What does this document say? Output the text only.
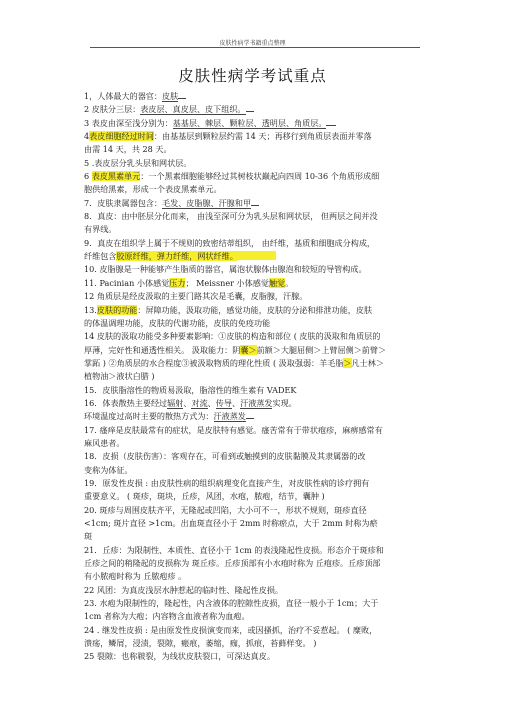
皮肤性病学书籍重点整理
皮肤性病学考试重点
1，人体最大的器官：皮肤
2 皮肤分三层：表皮层、真皮层、皮下组织。
3 表皮由深至浅分别为：基基层、棘层、颗粒层、透明层、角质层。
4表皮细胞经过时间：由基基层到颗粒层约需 14 天；再移行到角质层表面并零落
由需 14 天，共 28 天。
5 .表皮层分乳头层和网状层。
6 表皮黑素单元：一个黑素细胞能够经过其树枝状巅起向四周 10-36 个角质形成细
胞供给黑素，形成一个表皮黑素单元。
7．皮肤隶属器包含：毛发、皮脂腺、汗腺和甲
8．真皮：由中胚层分化而来， 由浅至深可分为乳头层和网状层， 但两层之间并没
有界线。
9．真皮在组织学上属于不规则的致密结蒂组织， 由纤维，基质和细胞成分构成，
纤维包含胶原纤维，弹力纤维，网状纤维。
10. 皮脂腺是一种能够产生脂质的器官，属泡状腺体由腺泡和较短的导管构成。
11. Pacinian 小体感觉压力； Meissner 小体感觉触觉。
12 角质层是经皮汲取的主要门路其次是毛囊，皮脂腺，汗腺。
13.皮肤的功能：屏障功能，汲取功能，感觉功能，皮肤的分泌和排泄功能，皮肤
的体温调理功能，皮肤的代谢功能，皮肤的免疫功能
14 皮肤的汲取功能受多种要素影响：①皮肤的构造和部位 ( 皮肤的汲取和角质层的
厚薄，完好性和通透性相关。 汲取能力：阴囊＞前额＞大腿屈侧＞上臂屈侧＞前臂＞
掌跖 ) ②角质层的水合程度③被汲取物质的理化性质 ( 汲取强弱：羊毛脂＞凡士林＞
植物油＞液状白腊 )
15．皮肤脂溶性的物质易汲取，脂溶性的维生素有 VADEK
16．体表散热主要经过辐射、对流、传导、汗液蒸发实现。
环境温度过高时主要的散热方式为：汗液蒸发
17. 瘙痒是皮肤最常有的症状，是皮肤特有感觉。瘙苦常有于带状疱疹，麻痹感常有
麻风患者。
18．皮损（皮肤伤害）：客观存在，可看到或触摸到的皮肤黏膜及其隶属器的改
变称为体征。
19．原发性皮损 : 由皮肤性病的组织病理变化直接产生，对皮肤性病的诊疗拥有
重要意义。 ( 斑疹，斑块，丘疹，风团，水疱，脓疱，结节，囊肿 )
20. 斑疹与周围皮肤齐平，无隆起或凹陷，大小可不一，形状不规则，斑疹直径
<1cm; 斑片直径 >1cm。出血斑直径小于 2mm 时称瘀点，大于 2mm 时称为瘀
斑
21．丘疹：为限制性、本质性、直径小于 1cm 的表浅隆起性皮损。形态介于斑疹和
丘疹之间的稍隆起的皮损称为 斑丘疹。丘疹顶部有小水疱时称为 丘疱疹。丘疹顶部
有小脓疱时称为 丘脓疱疹 。
22 风团：为真皮浅层水肿惹起的临时性、隆起性皮损。
23. 水疱为限制性的，隆起性，内含液体的腔隙性皮损，直径一般小于 1cm；大于
1cm 者称为大疱；内容物含血液者称为血疱。
24 . 继发性皮损 : 是由原发性皮损演变而来，或因搔抓，治疗不妥惹起。 ( 糜败，
溃疡，鳞屑，浸渍，裂隙，瘢痕，萎缩，痂，抓痕，苔藓样变。 )
25 裂隙：也称皲裂，为线状皮肤裂口，可深达真皮。
